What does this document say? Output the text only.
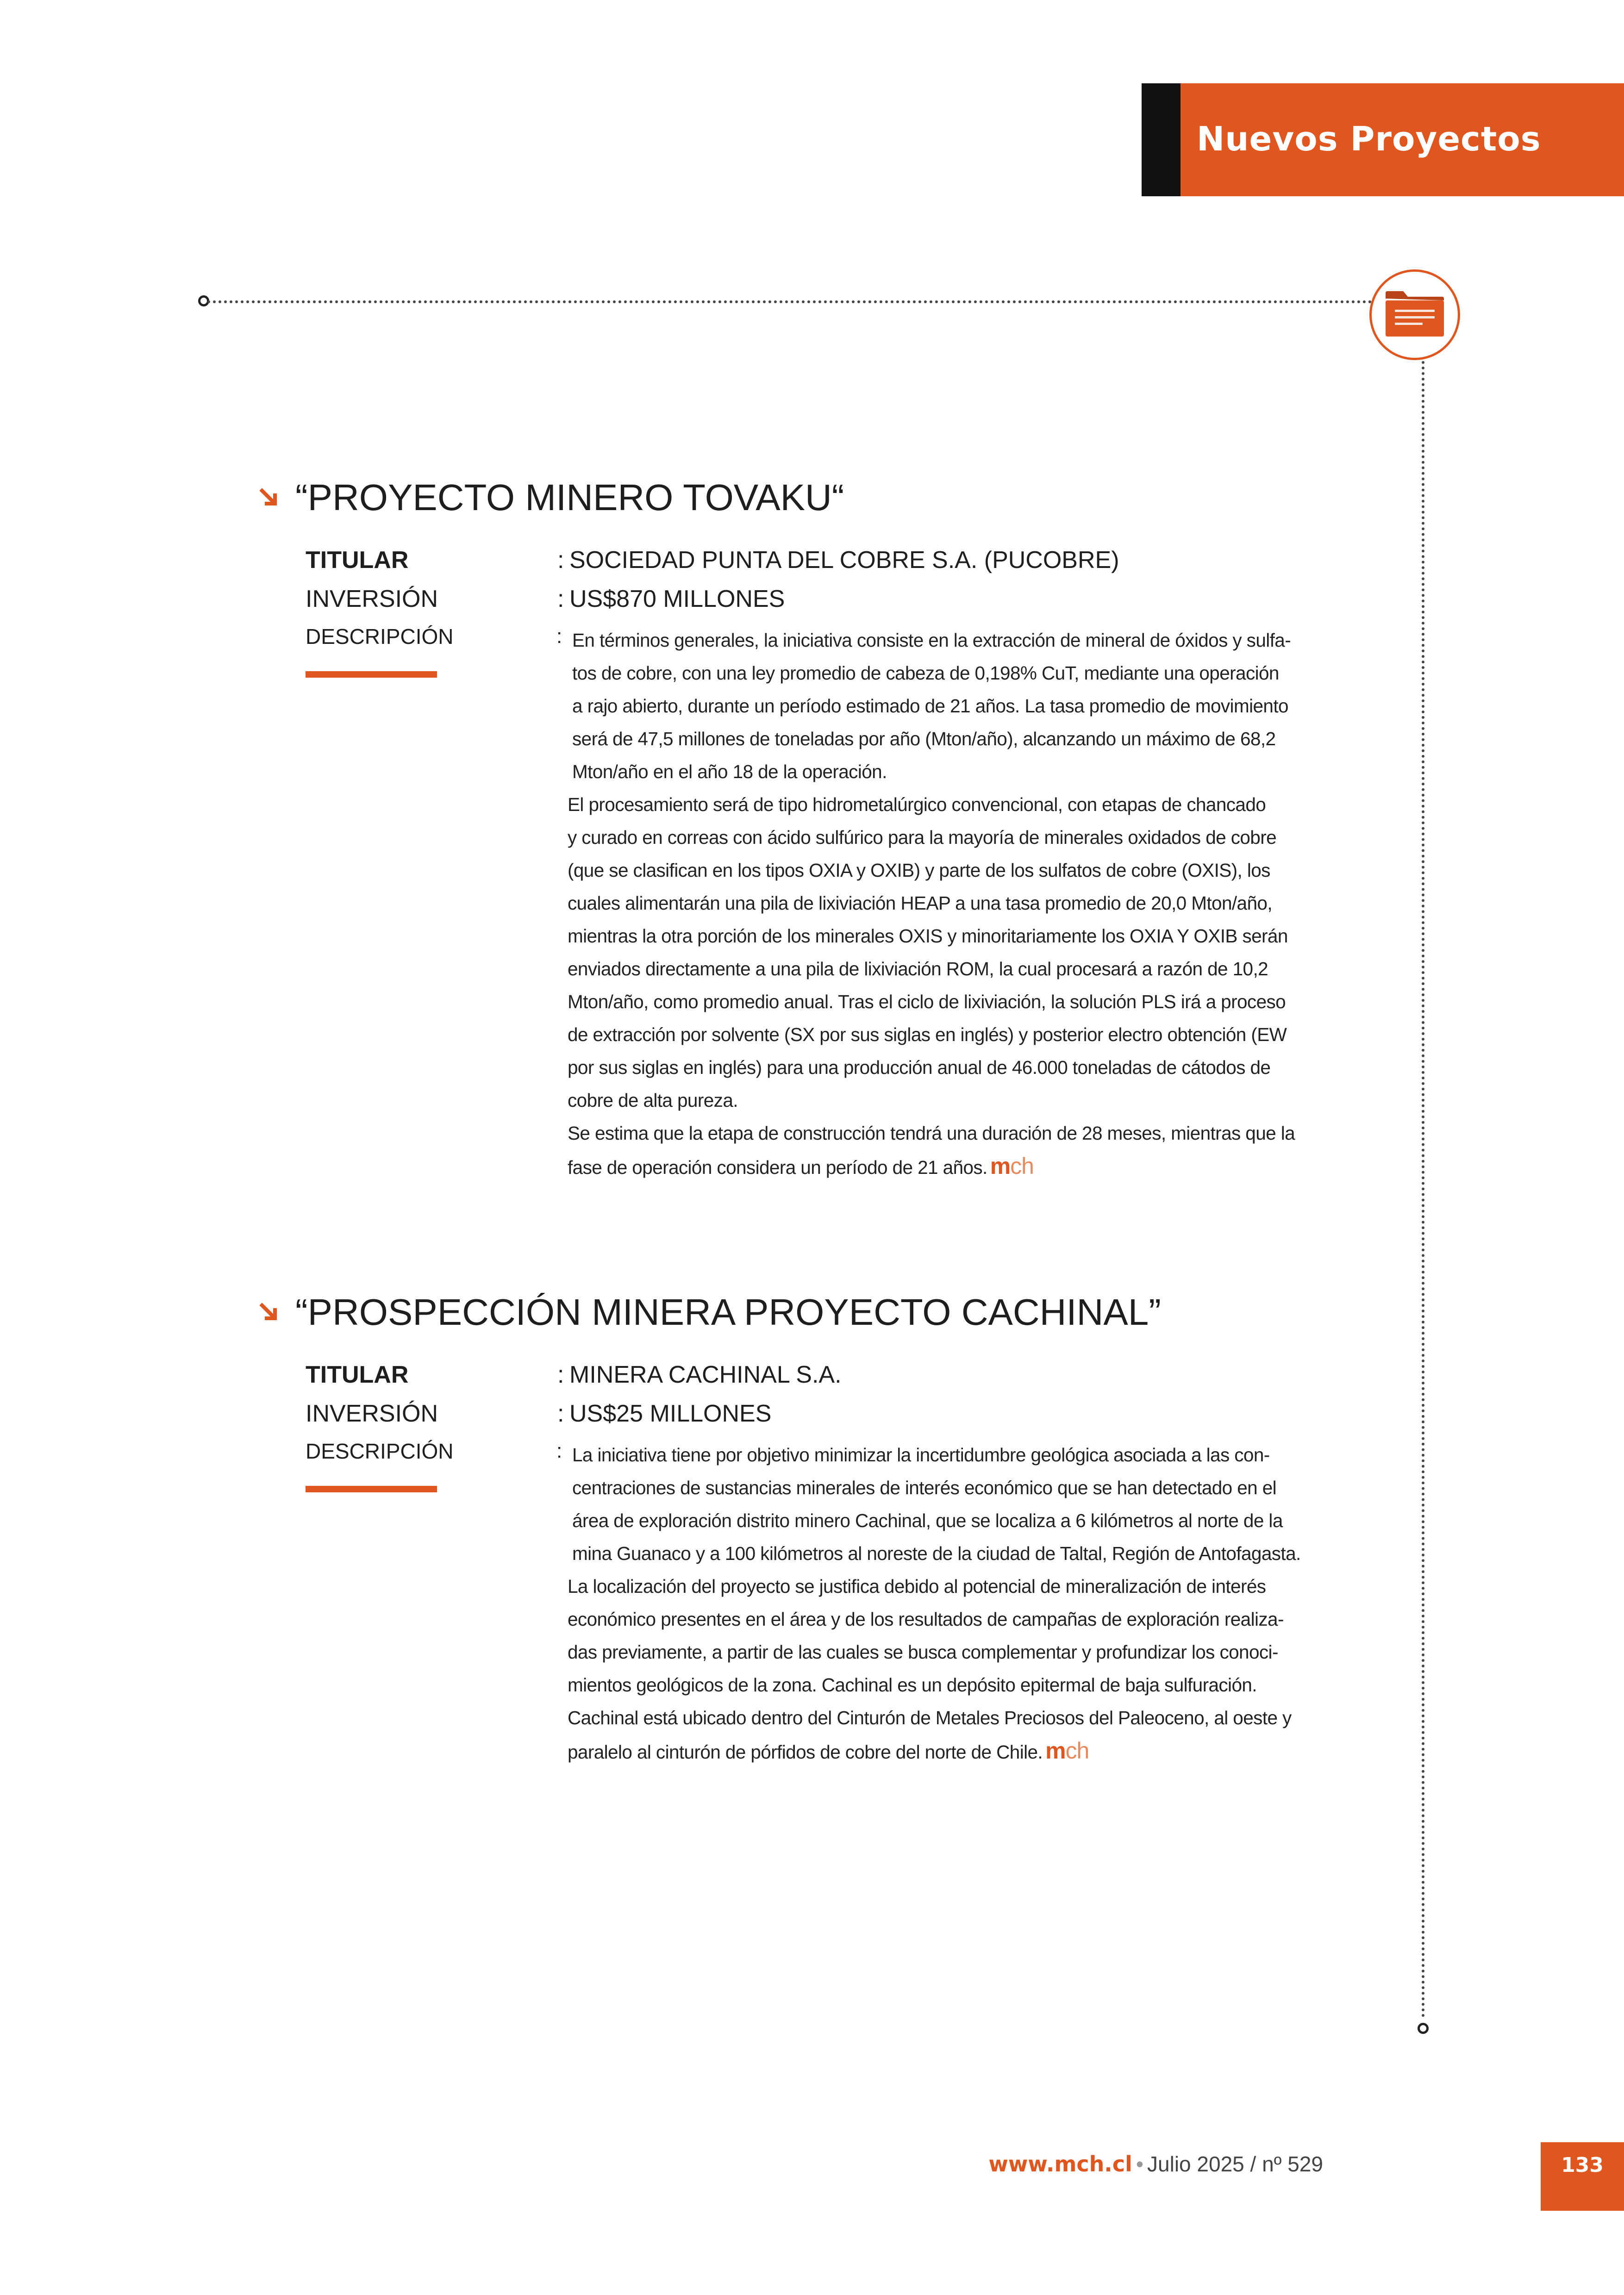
Nuevos Proyectos
“PROYECTO MINERO TOVAKU“
TITULAR	: SOCIEDAD PUNTA DEL COBRE S.A. (PUCOBRE)
INVERSIÓN	: US$870 MILLONES
DESCRIPCIÓN	: En términos generales, la iniciativa consiste en la extracción de mineral de óxidos y sulfa-
tos de cobre, con una ley promedio de cabeza de 0,198% CuT, mediante una operación
a rajo abierto, durante un período estimado de 21 años. La tasa promedio de movimiento
será de 47,5 millones de toneladas por año (Mton/año), alcanzando un máximo de 68,2
Mton/año en el año 18 de la operación.
El procesamiento será de tipo hidrometalúrgico convencional, con etapas de chancado
y curado en correas con ácido sulfúrico para la mayoría de minerales oxidados de cobre
(que se clasifican en los tipos OXIA y OXIB) y parte de los sulfatos de cobre (OXIS), los
cuales alimentarán una pila de lixiviación HEAP a una tasa promedio de 20,0 Mton/año,
mientras la otra porción de los minerales OXIS y minoritariamente los OXIA Y OXIB serán
enviados directamente a una pila de lixiviación ROM, la cual procesará a razón de 10,2
Mton/año, como promedio anual. Tras el ciclo de lixiviación, la solución PLS irá a proceso
de extracción por solvente (SX por sus siglas en inglés) y posterior electro obtención (EW
por sus siglas en inglés) para una producción anual de 46.000 toneladas de cátodos de
cobre de alta pureza.
Se estima que la etapa de construcción tendrá una duración de 28 meses, mientras que la
fase de operación considera un período de 21 años. mch
“PROSPECCIÓN MINERA PROYECTO CACHINAL”
TITULAR	: MINERA CACHINAL S.A.
INVERSIÓN	: US$25 MILLONES
DESCRIPCIÓN	: La iniciativa tiene por objetivo minimizar la incertidumbre geológica asociada a las con-
centraciones de sustancias minerales de interés económico que se han detectado en el
área de exploración distrito minero Cachinal, que se localiza a 6 kilómetros al norte de la
mina Guanaco y a 100 kilómetros al noreste de la ciudad de Taltal, Región de Antofagasta.
La localización del proyecto se justifica debido al potencial de mineralización de interés
económico presentes en el área y de los resultados de campañas de exploración realiza-
das previamente, a partir de las cuales se busca complementar y profundizar los conoci-
mientos geológicos de la zona. Cachinal es un depósito epitermal de baja sulfuración.
Cachinal está ubicado dentro del Cinturón de Metales Preciosos del Paleoceno, al oeste y
paralelo al cinturón de pórfidos de cobre del norte de Chile. mch
www.mch.cl • Julio 2025 / nº 529	133
